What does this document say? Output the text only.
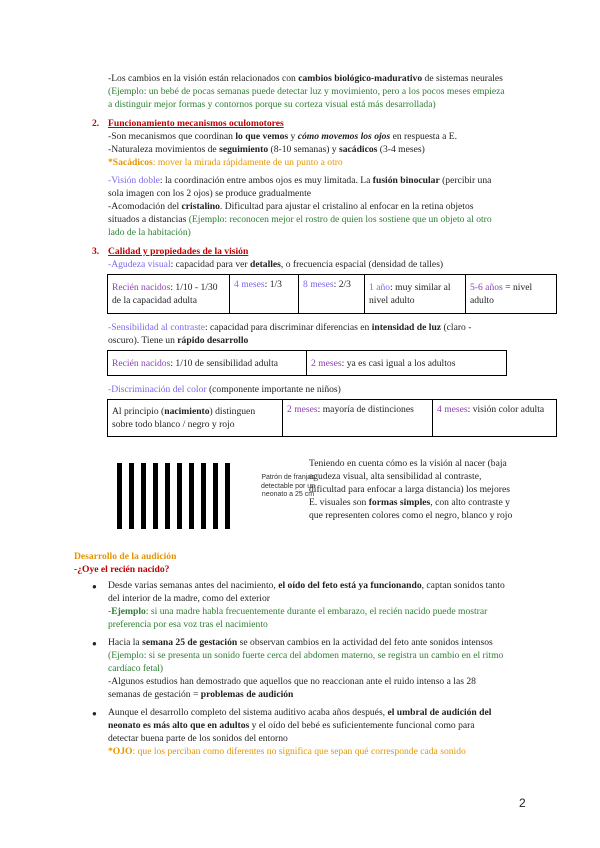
-Los cambios en la visión están relacionados con cambios biológico-madurativo de sistemas neurales
(Ejemplo: un bebé de pocas semanas puede detectar luz y movimiento, pero a los pocos meses empieza
a distinguir mejor formas y contornos porque su corteza visual está más desarrollada)
2. Funcionamiento mecanismos oculomotores
-Son mecanismos que coordinan lo que vemos y cómo movemos los ojos en respuesta a E.
-Naturaleza movimientos de seguimiento (8-10 semanas) y sacádicos (3-4 meses)
*Sacádicos: mover la mirada rápidamente de un punto a otro
-Visión doble: la coordinación entre ambos ojos es muy limitada. La fusión binocular (percibir una
sola imagen con los 2 ojos) se produce gradualmente
-Acomodación del cristalino. Dificultad para ajustar el cristalino al enfocar en la retina objetos
situados a distancias (Ejemplo: reconocen mejor el rostro de quien los sostiene que un objeto al otro
lado de la habitación)
3. Calidad y propiedades de la visión
-Agudeza visual: capacidad para ver detalles, o frecuencia espacial (densidad de talles)
Recién nacidos: 1/10 - 1/30
de la capacidad adulta	4 meses: 1/3	8 meses: 2/3	1 año: muy similar al
nivel adulto	5-6 años = nivel
adulto
-Sensibilidad al contraste: capacidad para discriminar diferencias en intensidad de luz (claro -
oscuro). Tiene un rápido desarrollo
Recién nacidos: 1/10 de sensibilidad adulta	2 meses: ya es casi igual a los adultos
-Discriminación del color (componente importante ne niños)
Al principio (nacimiento) distinguen
sobre todo blanco / negro y rojo	2 meses: mayoría de distinciones	4 meses: visión color adulta
Patrón de franjas detectable por un neonato a 25 cm
Teniendo en cuenta cómo es la visión al nacer (baja
agudeza visual, alta sensibilidad al contraste,
dificultad para enfocar a larga distancia) los mejores
E. visuales son formas simples, con alto contraste y
que representen colores como el negro, blanco y rojo
Desarrollo de la audición
-¿Oye el recién nacido?
● Desde varias semanas antes del nacimiento, el oído del feto está ya funcionando, captan sonidos tanto
del interior de la madre, como del exterior
-Ejemplo: si una madre habla frecuentemente durante el embarazo, el recién nacido puede mostrar
preferencia por esa voz tras el nacimiento
● Hacia la semana 25 de gestación se observan cambios en la actividad del feto ante sonidos intensos
(Ejemplo: si se presenta un sonido fuerte cerca del abdomen materno, se registra un cambio en el ritmo
cardíaco fetal)
-Algunos estudios han demostrado que aquellos que no reaccionan ante el ruido intenso a las 28
semanas de gestación = problemas de audición
● Aunque el desarrollo completo del sistema auditivo acaba años después, el umbral de audición del
neonato es más alto que en adultos y el oído del bebé es suficientemente funcional como para
detectar buena parte de los sonidos del entorno
*OJO: que los perciban como diferentes no significa que sepan qué corresponde cada sonido
2
